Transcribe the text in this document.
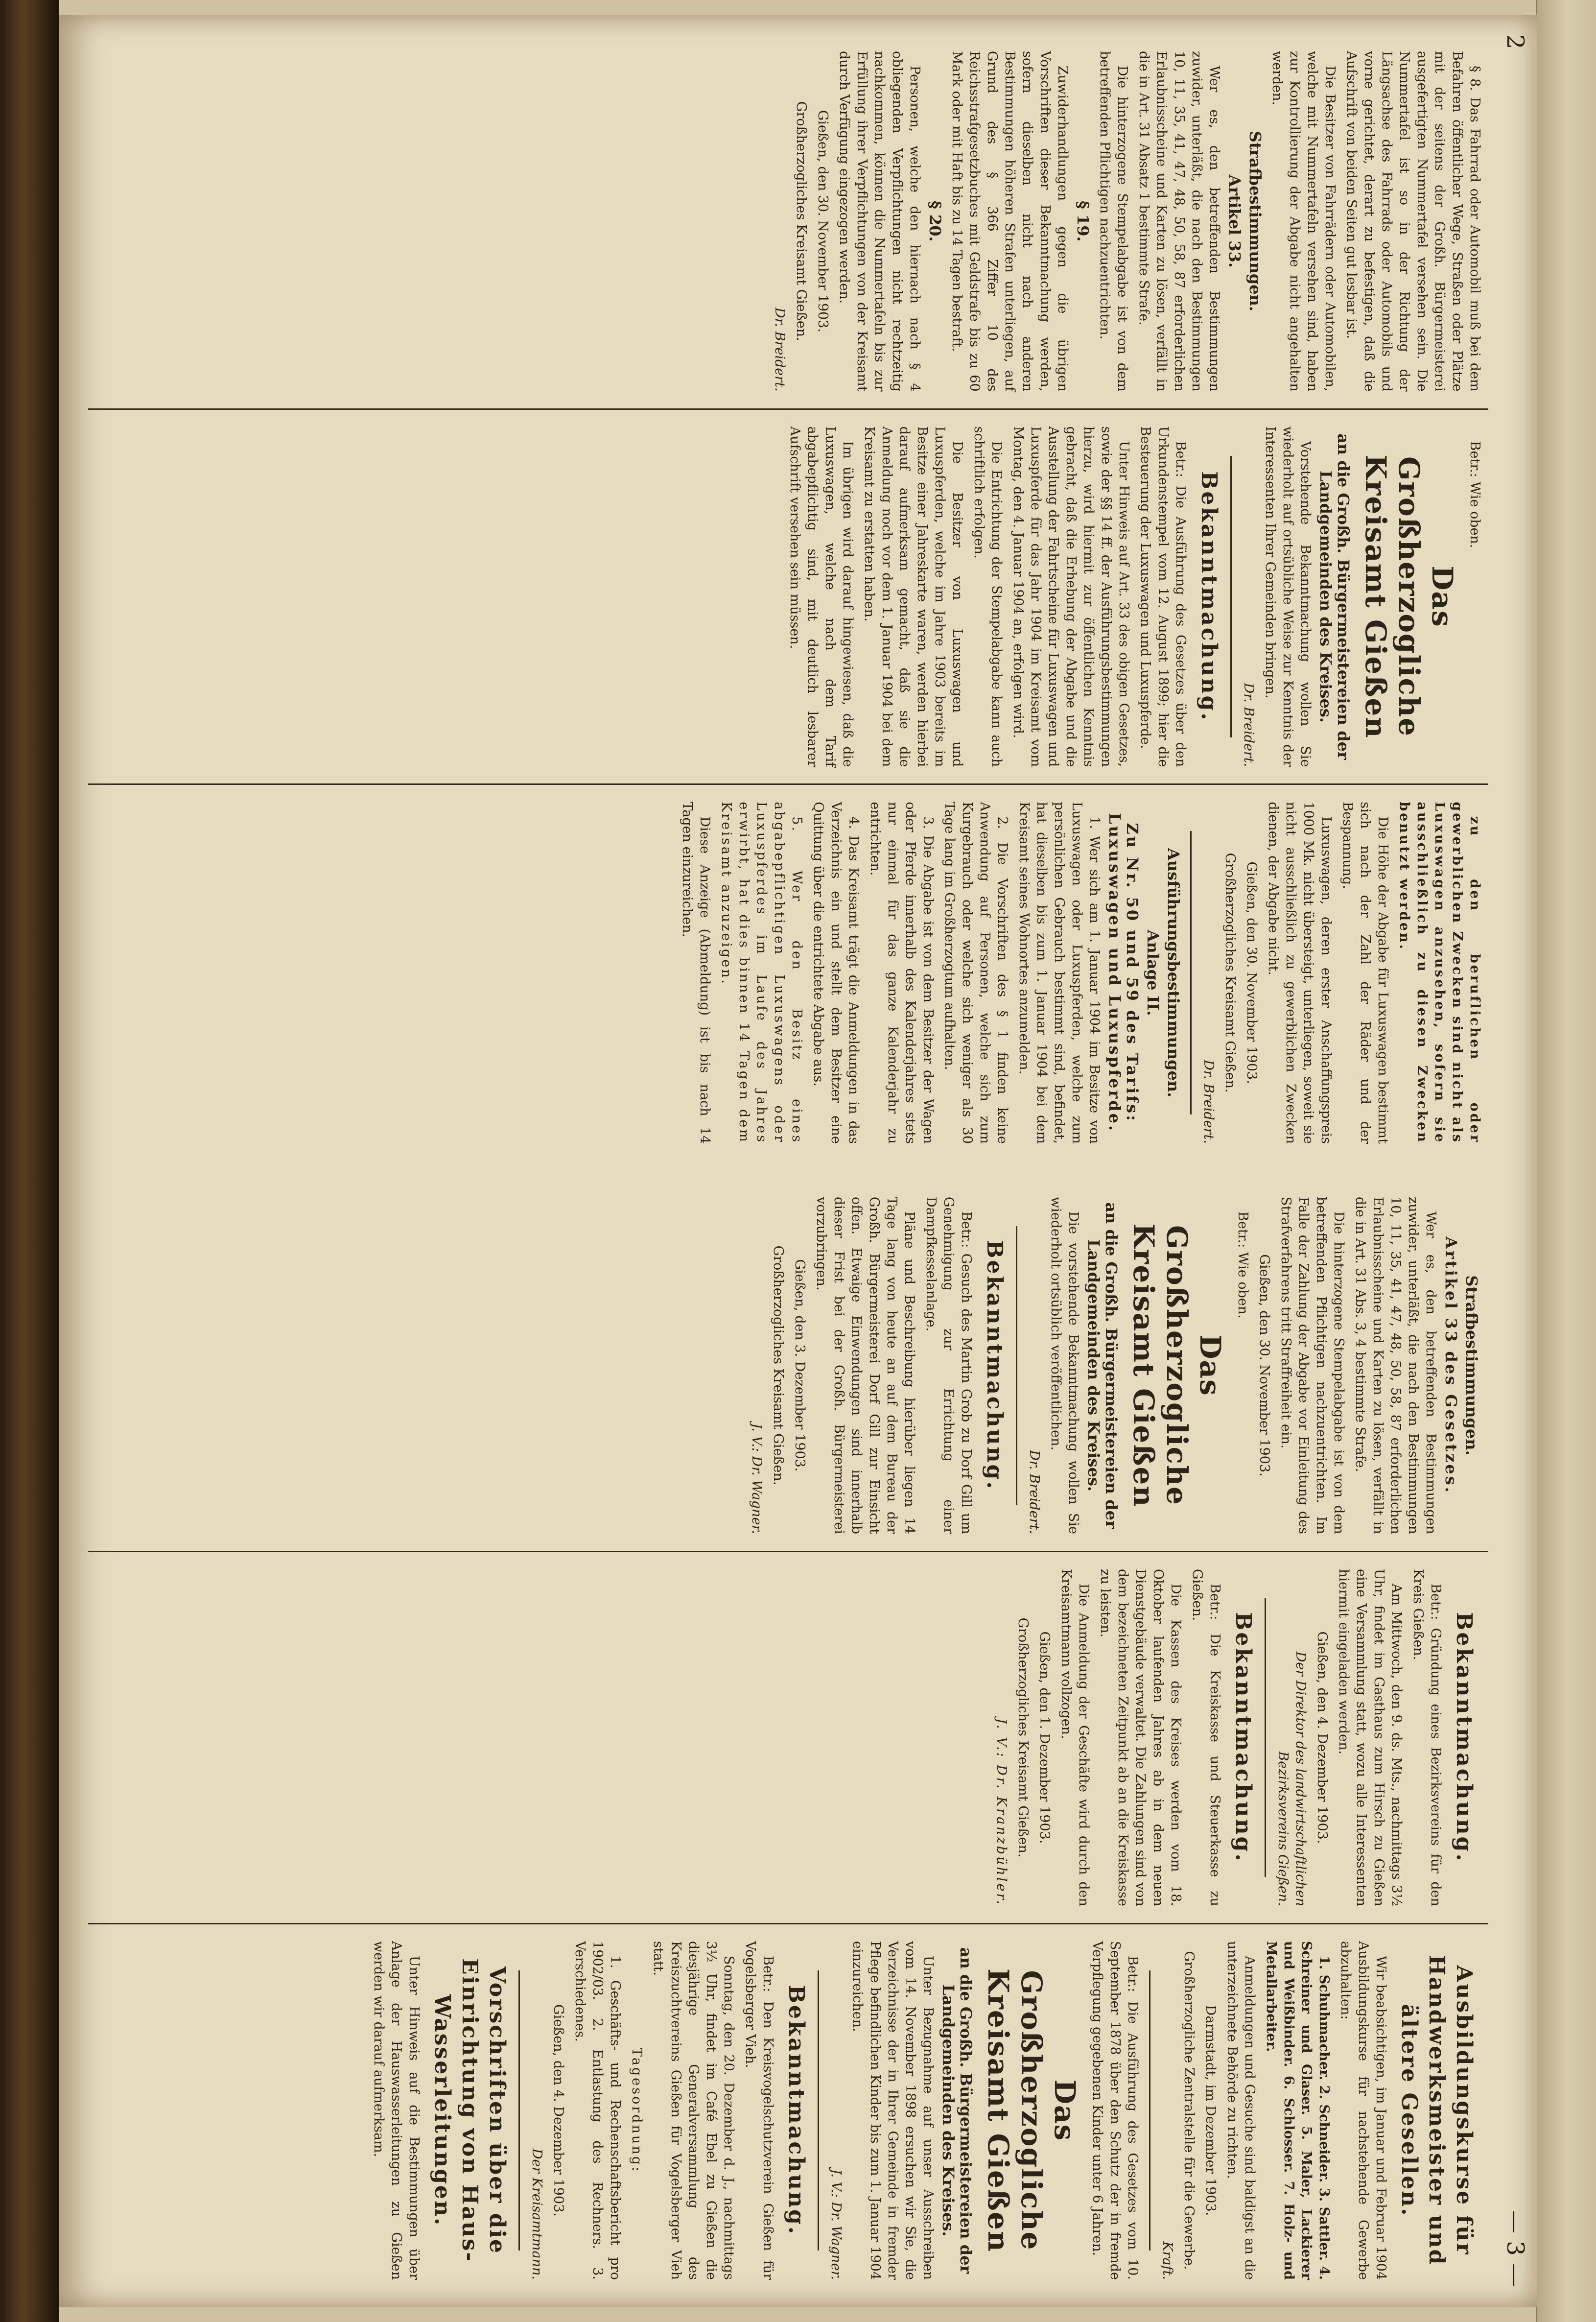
2
— 3 —

§ 8. Das Fahrrad oder Automobil muß bei dem Befahren öffentlicher Wege, Straßen oder Plätze mit der seitens der Großh. Bürgermeisterei ausgefertigten Nummertafel versehen sein. Die Nummertafel ist so in der Richtung der Längsachse des Fahrrads oder Automobils und vorne gerichtet, derart zu befestigen, daß die Aufschrift von beiden Seiten gut lesbar ist.

Die Besitzer von Fahrrädern oder Automobilen, welche mit Nummertafeln versehen sind, haben zur Kontrollierung der Abgabe nicht angehalten werden.

Strafbestimmungen.
Artikel 33.

Wer es, den betreffenden Bestimmungen zuwider, unterläßt, die nach den Bestimmungen 10, 11, 35, 41, 47, 48, 50, 58, 87 erforderlichen Erlaubnisscheine und Karten zu lösen, verfällt in die in Art. 31 Absatz 1 bestimmte Strafe.

Die hinterzogene Stempelabgabe ist von dem betreffenden Pflichtigen nachzuentrichten.

§ 19.

Zuwiderhandlungen gegen die übrigen Vorschriften dieser Bekanntmachung werden, sofern dieselben nicht nach anderen Bestimmungen höheren Strafen unterliegen, auf Grund des § 366 Ziffer 10 des Reichsstrafgesetzbuches mit Geldstrafe bis zu 60 Mark oder mit Haft bis zu 14 Tagen bestraft.

§ 20.

Personen, welche den hiernach nach § 4 obliegenden Verpflichtungen nicht rechtzeitig nachkommen, können die Nummertafeln bis zur Erfüllung ihrer Verpflichtungen von der Kreisamt durch Verfügung eingezogen werden.

Gießen, den 30. November 1903.

Großherzogliches Kreisamt Gießen.

Dr. Breidert.

Betr.: Wie oben.

Das Großherzogliche Kreisamt Gießen
an die Großh. Bürgermeistereien der Landgemeinden des Kreises.

Vorstehende Bekanntmachung wollen Sie wiederholt auf ortsübliche Weise zur Kenntnis der Interessenten Ihrer Gemeinden bringen.

Dr. Breidert.
Bekanntmachung.

Betr.: Die Ausführung des Gesetzes über den Urkundenstempel vom 12. August 1899; hier die Besteuerung der Luxuswagen und Luxuspferde.

Unter Hinweis auf Art. 33 des obigen Gesetzes, sowie der §§ 14 ff. der Ausführungsbestimmungen hierzu, wird hiermit zur öffentlichen Kenntnis gebracht, daß die Erhebung der Abgabe und die Ausstellung der Fahrtscheine für Luxuswagen und Luxuspferde für das Jahr 1904 im Kreisamt vom Montag, den 4. Januar 1904 an, erfolgen wird.

Die Entrichtung der Stempelabgabe kann auch schriftlich erfolgen.

Die Besitzer von Luxuswagen und Luxuspferden, welche im Jahre 1903 bereits im Besitze einer Jahreskarte waren, werden hierbei darauf aufmerksam gemacht, daß sie die Anmeldung noch vor dem 1. Januar 1904 bei dem Kreisamt zu erstatten haben.

Im übrigen wird darauf hingewiesen, daß die Luxuswagen, welche nach dem Tarif abgabepflichtig sind, mit deutlich lesbarer Aufschrift versehen sein müssen.

zu den beruflichen oder gewerblichen Zwecken sind nicht als Luxuswagen anzusehen, sofern sie ausschließlich zu diesen Zwecken benutzt werden.

Die Höhe der Abgabe für Luxuswagen bestimmt sich nach der Zahl der Räder und der Bespannung.

Luxuswagen, deren erster Anschaffungspreis 1000 Mk. nicht übersteigt, unterliegen, soweit sie nicht ausschließlich zu gewerblichen Zwecken dienen, der Abgabe nicht.

Gießen, den 30. November 1903.

Großherzogliches Kreisamt Gießen.

Dr. Breidert.
Ausführungsbestimmungen.
Anlage II.
Zu Nr. 50 und 59 des Tarifs: Luxuswagen und Luxuspferde.

1. Wer sich am 1. Januar 1904 im Besitze von Luxuswagen oder Luxuspferden, welche zum persönlichen Gebrauch bestimmt sind, befindet, hat dieselben bis zum 1. Januar 1904 bei dem Kreisamt seines Wohnortes anzumelden.

2. Die Vorschriften des § 1 finden keine Anwendung auf Personen, welche sich zum Kurgebrauch oder welche sich weniger als 30 Tage lang im Großherzogtum aufhalten.

3. Die Abgabe ist von dem Besitzer der Wagen oder Pferde innerhalb des Kalenderjahres stets nur einmal für das ganze Kalenderjahr zu entrichten.

4. Das Kreisamt trägt die Anmeldungen in das Verzeichnis ein und stellt dem Besitzer eine Quittung über die entrichtete Abgabe aus.

5. Wer den Besitz eines abgabepflichtigen Luxuswagens oder Luxuspferdes im Laufe des Jahres erwirbt, hat dies binnen 14 Tagen dem Kreisamt anzuzeigen.

Diese Anzeige (Abmeldung) ist bis nach 14 Tagen einzureichen.

Strafbestimmungen.
Artikel 33 des Gesetzes.

Wer es, den betreffenden Bestimmungen zuwider, unterläßt, die nach den Bestimmungen 10, 11, 35, 41, 47, 48, 50, 58, 87 erforderlichen Erlaubnisscheine und Karten zu lösen, verfällt in die in Art. 31 Abs. 3, 4 bestimmte Strafe.

Die hinterzogene Stempelabgabe ist von dem betreffenden Pflichtigen nachzuentrichten. Im Falle der Zahlung der Abgabe vor Einleitung des Strafverfahrens tritt Straffreiheit ein.

Gießen, den 30. November 1903.

Betr.: Wie oben.

Das Großherzogliche Kreisamt Gießen
an die Großh. Bürgermeistereien der Landgemeinden des Kreises.

Die vorstehende Bekanntmachung wollen Sie wiederholt ortsüblich veröffentlichen.

Dr. Breidert.
Bekanntmachung.

Betr.: Gesuch des Martin Grob zu Dorf Gill um Genehmigung zur Errichtung einer Dampfkesselanlage.

Pläne und Beschreibung hierüber liegen 14 Tage lang von heute an auf dem Bureau der Großh. Bürgermeisterei Dorf Gill zur Einsicht offen. Etwaige Einwendungen sind innerhalb dieser Frist bei der Großh. Bürgermeisterei vorzubringen.

Gießen, den 3. Dezember 1903.

Großherzogliches Kreisamt Gießen.

J. V.: Dr. Wagner.
Bekanntmachung.

Betr.: Gründung eines Bezirksvereins für den Kreis Gießen.

Am Mittwoch, den 9. ds. Mts., nachmittags 3½ Uhr, findet im Gasthaus zum Hirsch zu Gießen eine Versammlung statt, wozu alle Interessenten hiermit eingeladen werden.

Gießen, den 4. Dezember 1903.

Der Direktor des landwirtschaftlichen Bezirksvereins Gießen.
Bekanntmachung.

Betr.: Die Kreiskasse und Steuerkasse zu Gießen.

Die Kassen des Kreises werden vom 18. Oktober laufenden Jahres ab in dem neuen Dienstgebäude verwaltet. Die Zahlungen sind von dem bezeichneten Zeitpunkt ab an die Kreiskasse zu leisten.

Die Anmeldung der Geschäfte wird durch den Kreisamtmann vollzogen.

Gießen, den 1. Dezember 1903.

Großherzogliches Kreisamt Gießen.

J. V.: Dr. Kranzbühler.
Ausbildungskurse für Handwerksmeister und ältere Gesellen.

Wir beabsichtigen, im Januar und Februar 1904 Ausbildungskurse für nachstehende Gewerbe abzuhalten:

1. Schuhmacher. 2. Schneider. 3. Sattler. 4. Schreiner und Glaser. 5. Maler, Lackierer und Weißbinder. 6. Schlosser. 7. Holz- und Metallarbeiter.

Anmeldungen und Gesuche sind baldigst an die unterzeichnete Behörde zu richten.

Darmstadt, im Dezember 1903.

Großherzogliche Zentralstelle für die Gewerbe.

Kraft.

Betr.: Die Ausführung des Gesetzes vom 10. September 1878 über den Schutz der in fremde Verpflegung gegebenen Kinder unter 6 Jahren.

Das Großherzogliche Kreisamt Gießen
an die Großh. Bürgermeistereien der Landgemeinden des Kreises.

Unter Bezugnahme auf unser Ausschreiben vom 14. November 1898 ersuchen wir Sie, die Verzeichnisse der in Ihrer Gemeinde in fremder Pflege befindlichen Kinder bis zum 1. Januar 1904 einzureichen.

J. V.: Dr. Wagner.
Bekanntmachung.

Betr.: Den Kreisvogelschutzverein Gießen für Vogelsberger Vieh.

Sonntag, den 20. Dezember d. J., nachmittags 3½ Uhr, findet im Café Ebel zu Gießen die diesjährige Generalversammlung des Kreiszuchtvereins Gießen für Vogelsberger Vieh statt.

Tagesordnung:

1. Geschäfts- und Rechenschaftsbericht pro 1902/03. 2. Entlastung des Rechners. 3. Verschiedenes.

Gießen, den 4. Dezember 1903.

Der Kreisamtmann.
Vorschriften über die Einrichtung von Haus-Wasserleitungen.

Unter Hinweis auf die Bestimmungen über Anlage der Hauswasserleitungen zu Gießen werden wir darauf aufmerksam.
